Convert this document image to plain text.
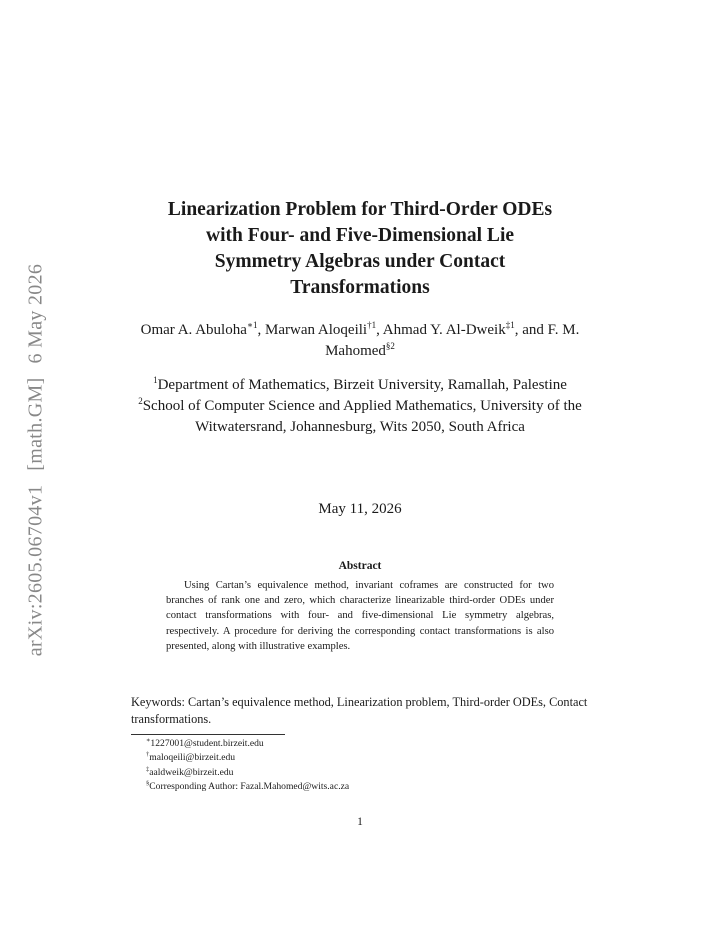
arXiv:2605.06704v1[math.GM]6 May 2026
Linearization Problem for Third-Order ODEs
with Four- and Five-Dimensional Lie
Symmetry Algebras under Contact
Transformations
Omar A. Abuloha$^{∗1}$, Marwan Aloqeili$^{\dagger 1}$, Ahmad Y. Al-Dweik$^{\ddagger 1}$, and F. M. Mahomed$^{\S 2}$
$^1$Department of Mathematics, Birzeit University, Ramallah, Palestine
$^2$School of Computer Science and Applied Mathematics, University of the Witwatersrand, Johannesburg, Wits 2050, South Africa
May 11, 2026
Abstract

Using Cartan’s equivalence method, invariant coframes are constructed for two branches of rank one and zero, which characterize linearizable third-order ODEs under contact transformations with four- and five-dimensional Lie symmetry algebras, respectively. A procedure for deriving the corresponding contact transformations is also presented, along with illustrative examples.

Keywords: Cartan’s equivalence method, Linearization problem, Third-order ODEs, Contact transformations.

∗1227001@student.birzeit.edu
†maloqeili@birzeit.edu
‡aaldweik@birzeit.edu
§Corresponding Author: Fazal.Mahomed@wits.ac.za
1
